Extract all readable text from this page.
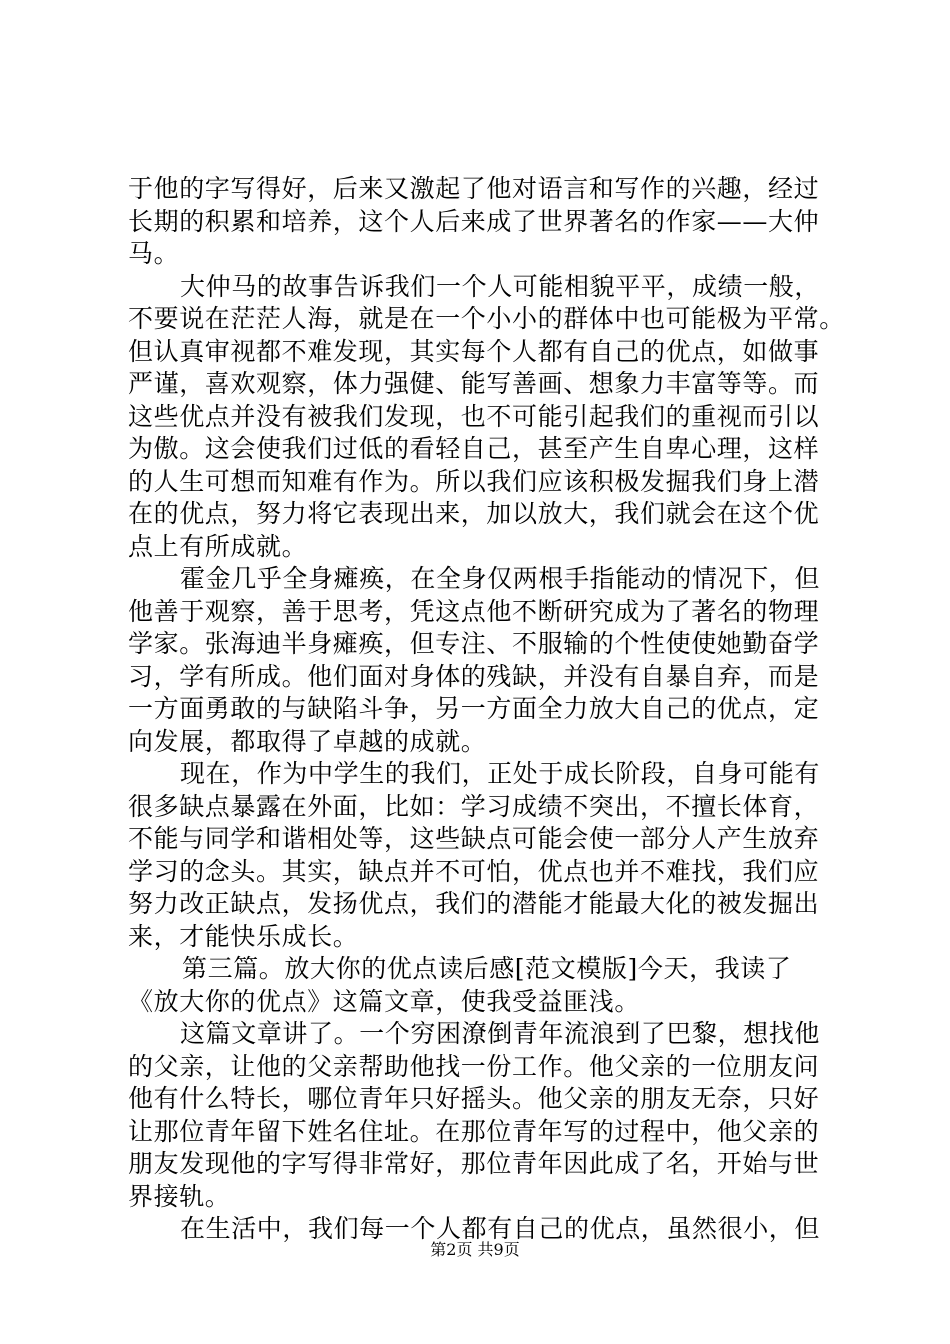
于他的字写得好，后来又激起了他对语言和写作的兴趣，经过
长期的积累和培养，这个人后来成了世界著名的作家——大仲
马。
大仲马的故事告诉我们一个人可能相貌平平，成绩一般，
不要说在茫茫人海，就是在一个小小的群体中也可能极为平常。
但认真审视都不难发现，其实每个人都有自己的优点，如做事
严谨，喜欢观察，体力强健、能写善画、想象力丰富等等。而
这些优点并没有被我们发现，也不可能引起我们的重视而引以
为傲。这会使我们过低的看轻自己，甚至产生自卑心理，这样
的人生可想而知难有作为。所以我们应该积极发掘我们身上潜
在的优点，努力将它表现出来，加以放大，我们就会在这个优
点上有所成就。
霍金几乎全身瘫痪，在全身仅两根手指能动的情况下，但
他善于观察，善于思考，凭这点他不断研究成为了著名的物理
学家。张海迪半身瘫痪，但专注、不服输的个性使使她勤奋学
习，学有所成。他们面对身体的残缺，并没有自暴自弃，而是
一方面勇敢的与缺陷斗争，另一方面全力放大自己的优点，定
向发展，都取得了卓越的成就。
现在，作为中学生的我们，正处于成长阶段，自身可能有
很多缺点暴露在外面，比如：学习成绩不突出，不擅长体育，
不能与同学和谐相处等，这些缺点可能会使一部分人产生放弃
学习的念头。其实，缺点并不可怕，优点也并不难找，我们应
努力改正缺点，发扬优点，我们的潜能才能最大化的被发掘出
来，才能快乐成长。
第三篇。放大你的优点读后感[范文模版]今天，我读了
《放大你的优点》这篇文章，使我受益匪浅。
这篇文章讲了。一个穷困潦倒青年流浪到了巴黎，想找他
的父亲，让他的父亲帮助他找一份工作。他父亲的一位朋友问
他有什么特长，哪位青年只好摇头。他父亲的朋友无奈，只好
让那位青年留下姓名住址。在那位青年写的过程中，他父亲的
朋友发现他的字写得非常好，那位青年因此成了名，开始与世
界接轨。
在生活中，我们每一个人都有自己的优点，虽然很小，但
第2页 共9页
